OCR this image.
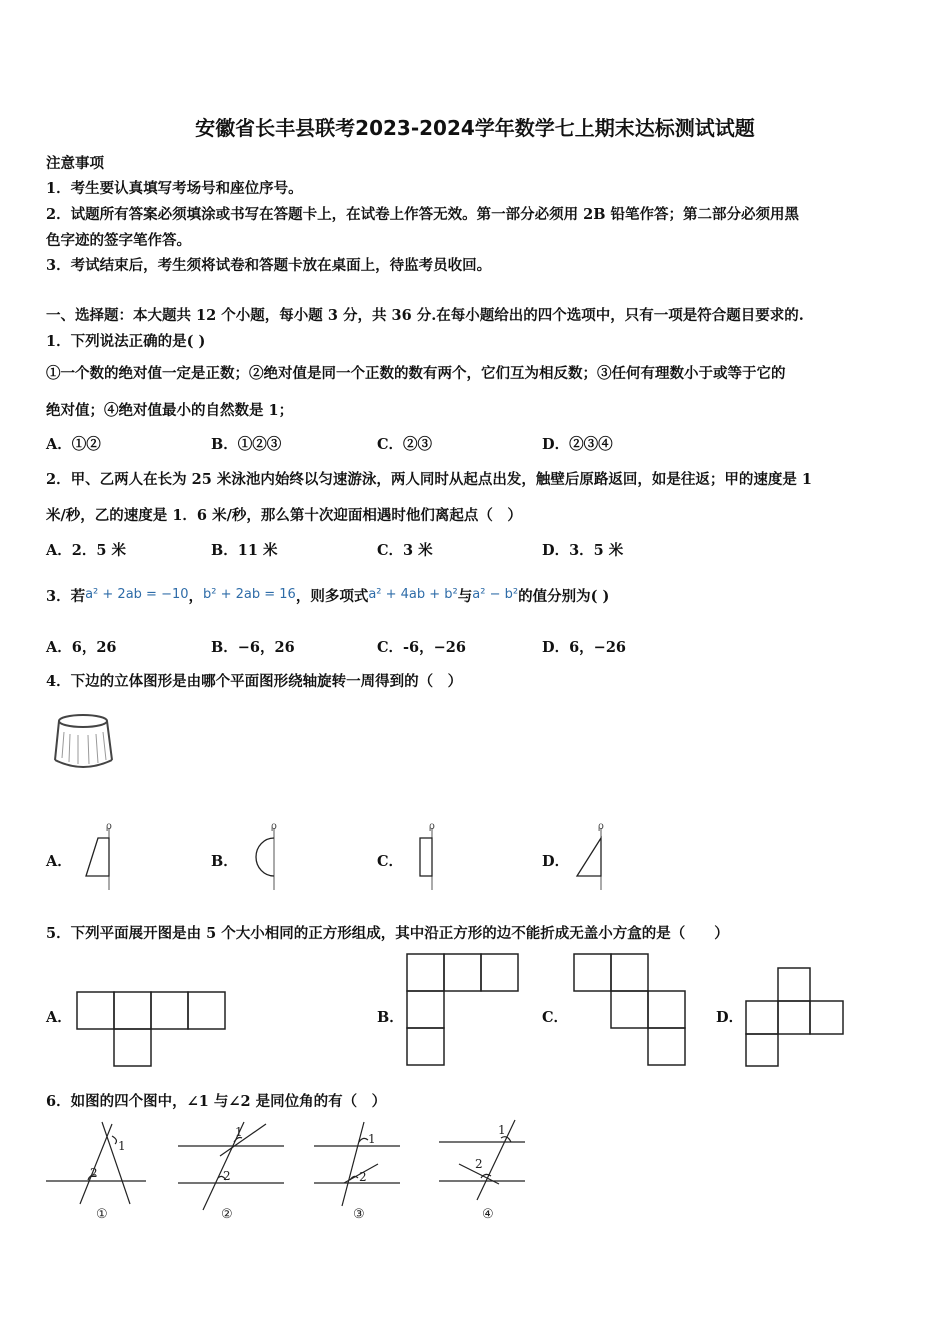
安徽省长丰县联考2023-2024学年数学七上期末达标测试试题
注意事项
1．考生要认真填写考场号和座位序号。
2．试题所有答案必须填涂或书写在答题卡上，在试卷上作答无效。第一部分必须用 2B 铅笔作答；第二部分必须用黑
色字迹的签字笔作答。
3．考试结束后，考生须将试卷和答题卡放在桌面上，待监考员收回。
一、选择题：本大题共 12 个小题，每小题 3 分，共 36 分.在每小题给出的四个选项中，只有一项是符合题目要求的.
1．下列说法正确的是( )
①一个数的绝对值一定是正数；②绝对值是同一个正数的数有两个，它们互为相反数；③任何有理数小于或等于它的
绝对值；④绝对值最小的自然数是 1；
A．①②	B．①②③	C．②③	D．②③④
2．甲、乙两人在长为 25 米泳池内始终以匀速游泳，两人同时从起点出发，触壁后原路返回，如是往返；甲的速度是 1
米/秒，乙的速度是 1．6 米/秒，那么第十次迎面相遇时他们离起点（　）
A．2．5 米	B．11 米	C．3 米	D．3．5 米
3．若a² + 2ab = −10，b² + 2ab = 16，则多项式a² + 4ab + b²与a² − b²的值分别为( )
A．6，26	B．−6，26	C．-6，−26	D．6，−26
4．下边的立体图形是由哪个平面图形绕轴旋转一周得到的（　）
A．
ρ
B．
ρ
C．
ρ
D．
ρ
5．下列平面展开图是由 5 个大小相同的正方形组成，其中沿正方形的边不能折成无盖小方盒的是（　　）
A．	B．	C．	D．
6．如图的四个图中，∠1 与∠2 是同位角的有（　）
1
2
①
1
2
②
1
2
③
1
2
④
